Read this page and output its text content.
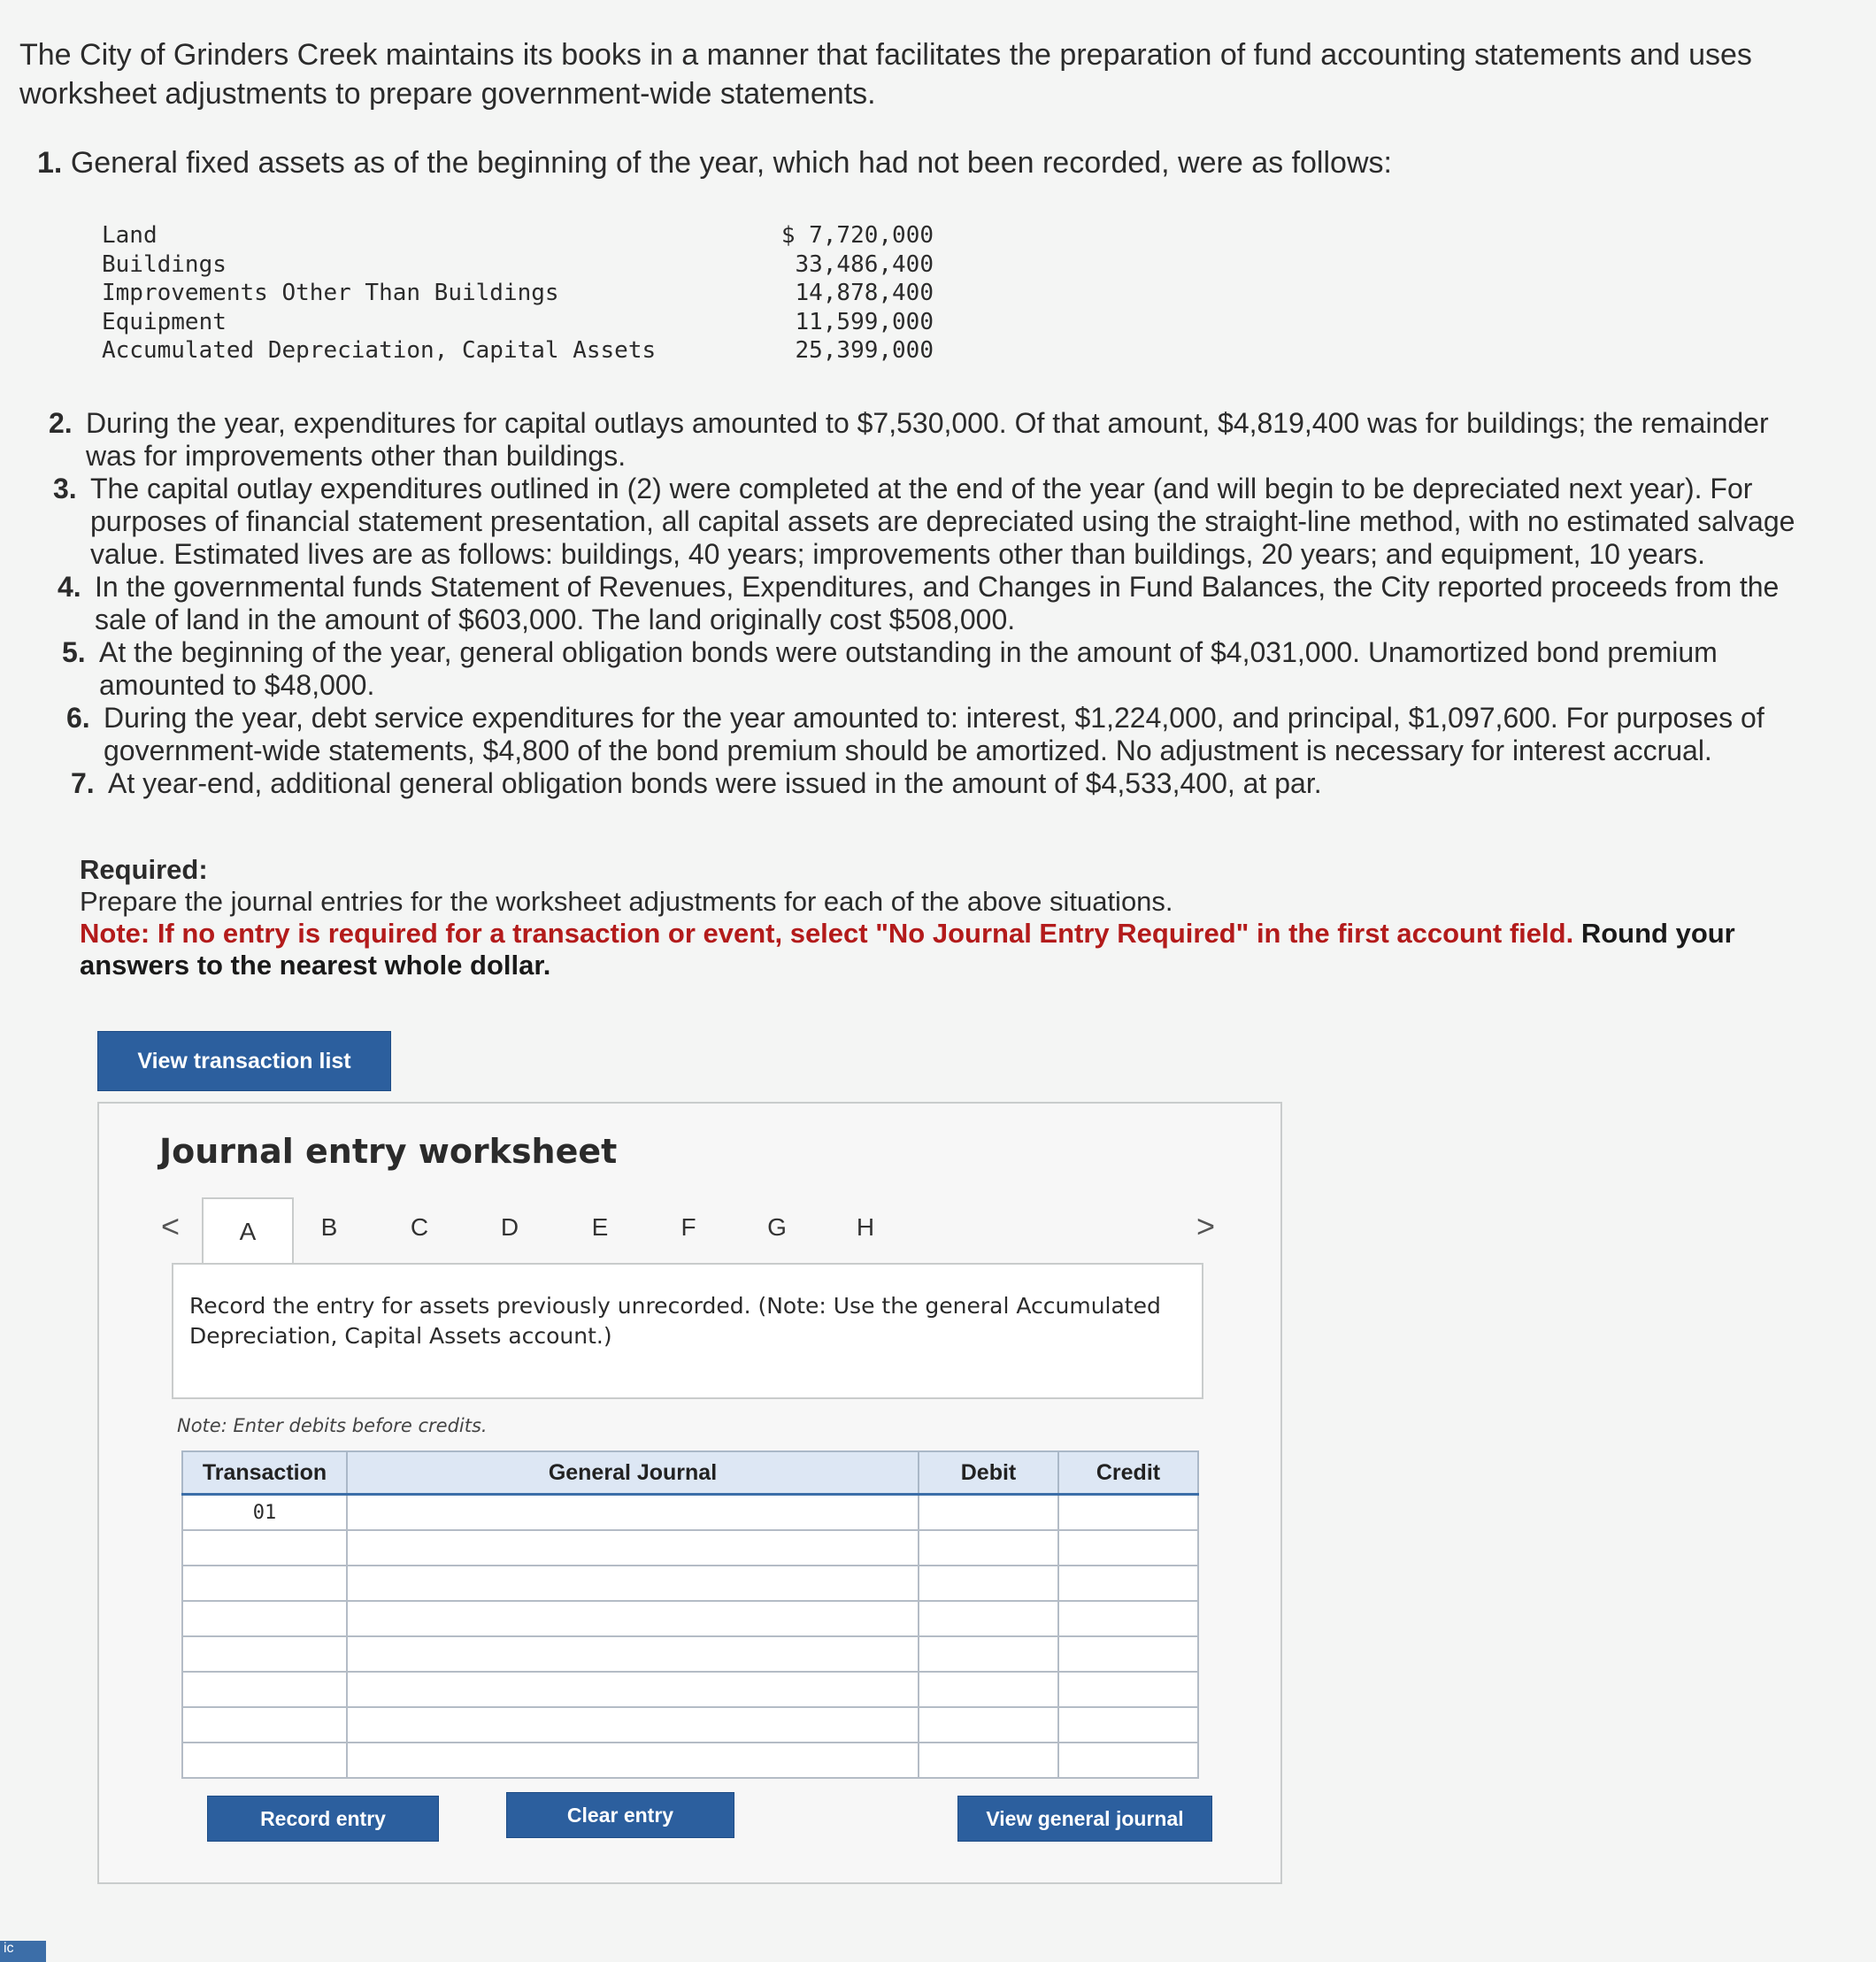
The City of Grinders Creek maintains its books in a manner that facilitates the preparation of fund accounting statements and uses worksheet adjustments to prepare government-wide statements.
1. General fixed assets as of the beginning of the year, which had not been recorded, were as follows:
Land	$ 7,720,000
Buildings	33,486,400
Improvements Other Than Buildings	14,878,400
Equipment	11,599,000
Accumulated Depreciation, Capital Assets	25,399,000
2. During the year, expenditures for capital outlays amounted to $7,530,000. Of that amount, $4,819,400 was for buildings; the remainder was for improvements other than buildings.
3. The capital outlay expenditures outlined in (2) were completed at the end of the year (and will begin to be depreciated next year). For purposes of financial statement presentation, all capital assets are depreciated using the straight-line method, with no estimated salvage value. Estimated lives are as follows: buildings, 40 years; improvements other than buildings, 20 years; and equipment, 10 years.
4. In the governmental funds Statement of Revenues, Expenditures, and Changes in Fund Balances, the City reported proceeds from the sale of land in the amount of $603,000. The land originally cost $508,000.
5. At the beginning of the year, general obligation bonds were outstanding in the amount of $4,031,000. Unamortized bond premium amounted to $48,000.
6. During the year, debt service expenditures for the year amounted to: interest, $1,224,000, and principal, $1,097,600. For purposes of government-wide statements, $4,800 of the bond premium should be amortized. No adjustment is necessary for interest accrual.
7. At year-end, additional general obligation bonds were issued in the amount of $4,533,400, at par.
Required:
Prepare the journal entries for the worksheet adjustments for each of the above situations.
Note: If no entry is required for a transaction or event, select "No Journal Entry Required" in the first account field. Round your answers to the nearest whole dollar.
View transaction list
Journal entry worksheet
<	A	B	C	D	E	F	G	H	>
Record the entry for assets previously unrecorded. (Note: Use the general Accumulated Depreciation, Capital Assets account.)
Note: Enter debits before credits.
Transaction	General Journal	Debit	Credit
01			

Record entry	Clear entry	View general journal
ic
